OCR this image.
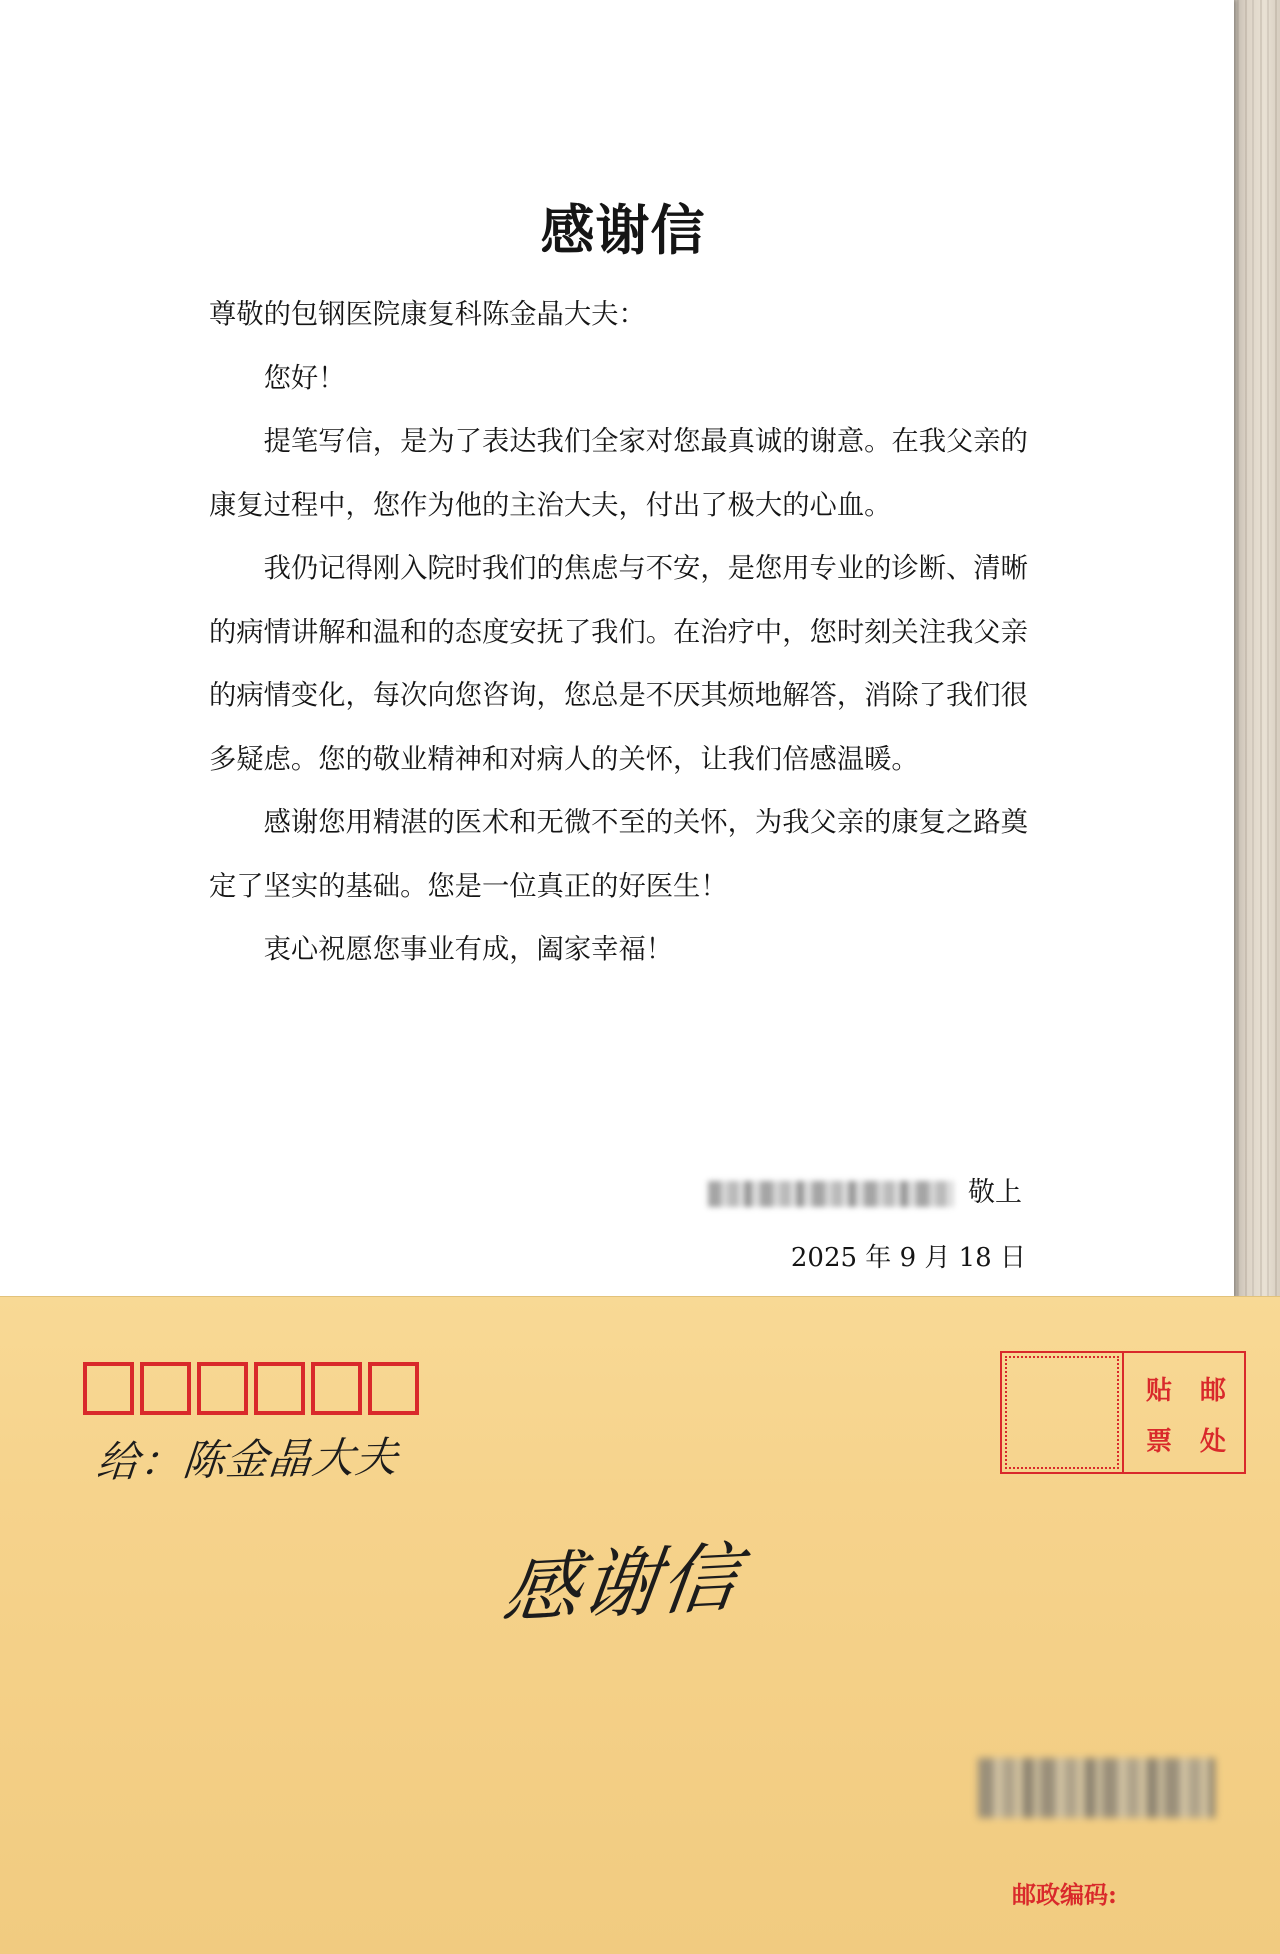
感谢信

尊敬的包钢医院康复科陈金晶大夫：

您好！

提笔写信，是为了表达我们全家对您最真诚的谢意。在我父亲的康复过程中，您作为他的主治大夫，付出了极大的心血。

我仍记得刚入院时我们的焦虑与不安，是您用专业的诊断、清晰的病情讲解和温和的态度安抚了我们。在治疗中，您时刻关注我父亲的病情变化，每次向您咨询，您总是不厌其烦地解答，消除了我们很多疑虑。您的敬业精神和对病人的关怀，让我们倍感温暖。

感谢您用精湛的医术和无微不至的关怀，为我父亲的康复之路奠定了坚实的基础。您是一位真正的好医生！

衷心祝愿您事业有成，阖家幸福！

敬上
2025 年 9 月 18 日
给：陈金晶大夫
感谢信
贴	邮
票	处
邮政编码:
